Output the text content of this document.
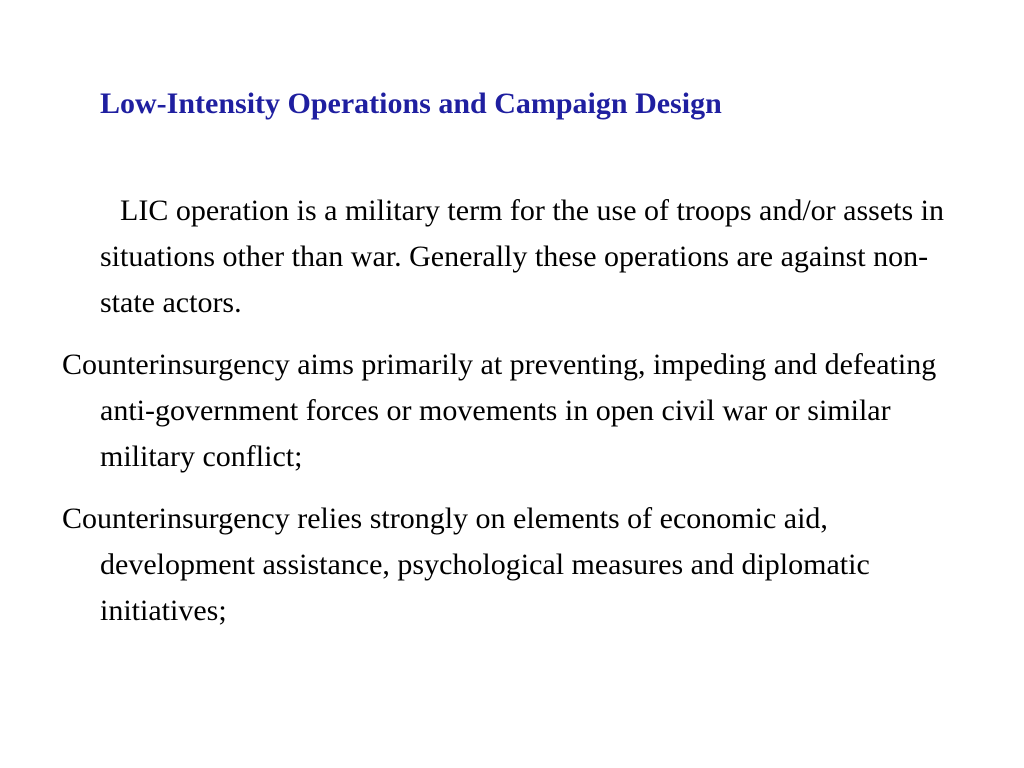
Low-Intensity Operations and Campaign Design

LIC operation is a military term for the use of troops and/or assets in situations other than war. Generally these operations are against non-state actors.

Counterinsurgency aims primarily at preventing, impeding and defeating anti-government forces or movements in open civil war or similar military conflict;

Counterinsurgency relies strongly on elements of economic aid, development assistance, psychological measures and diplomatic initiatives;
